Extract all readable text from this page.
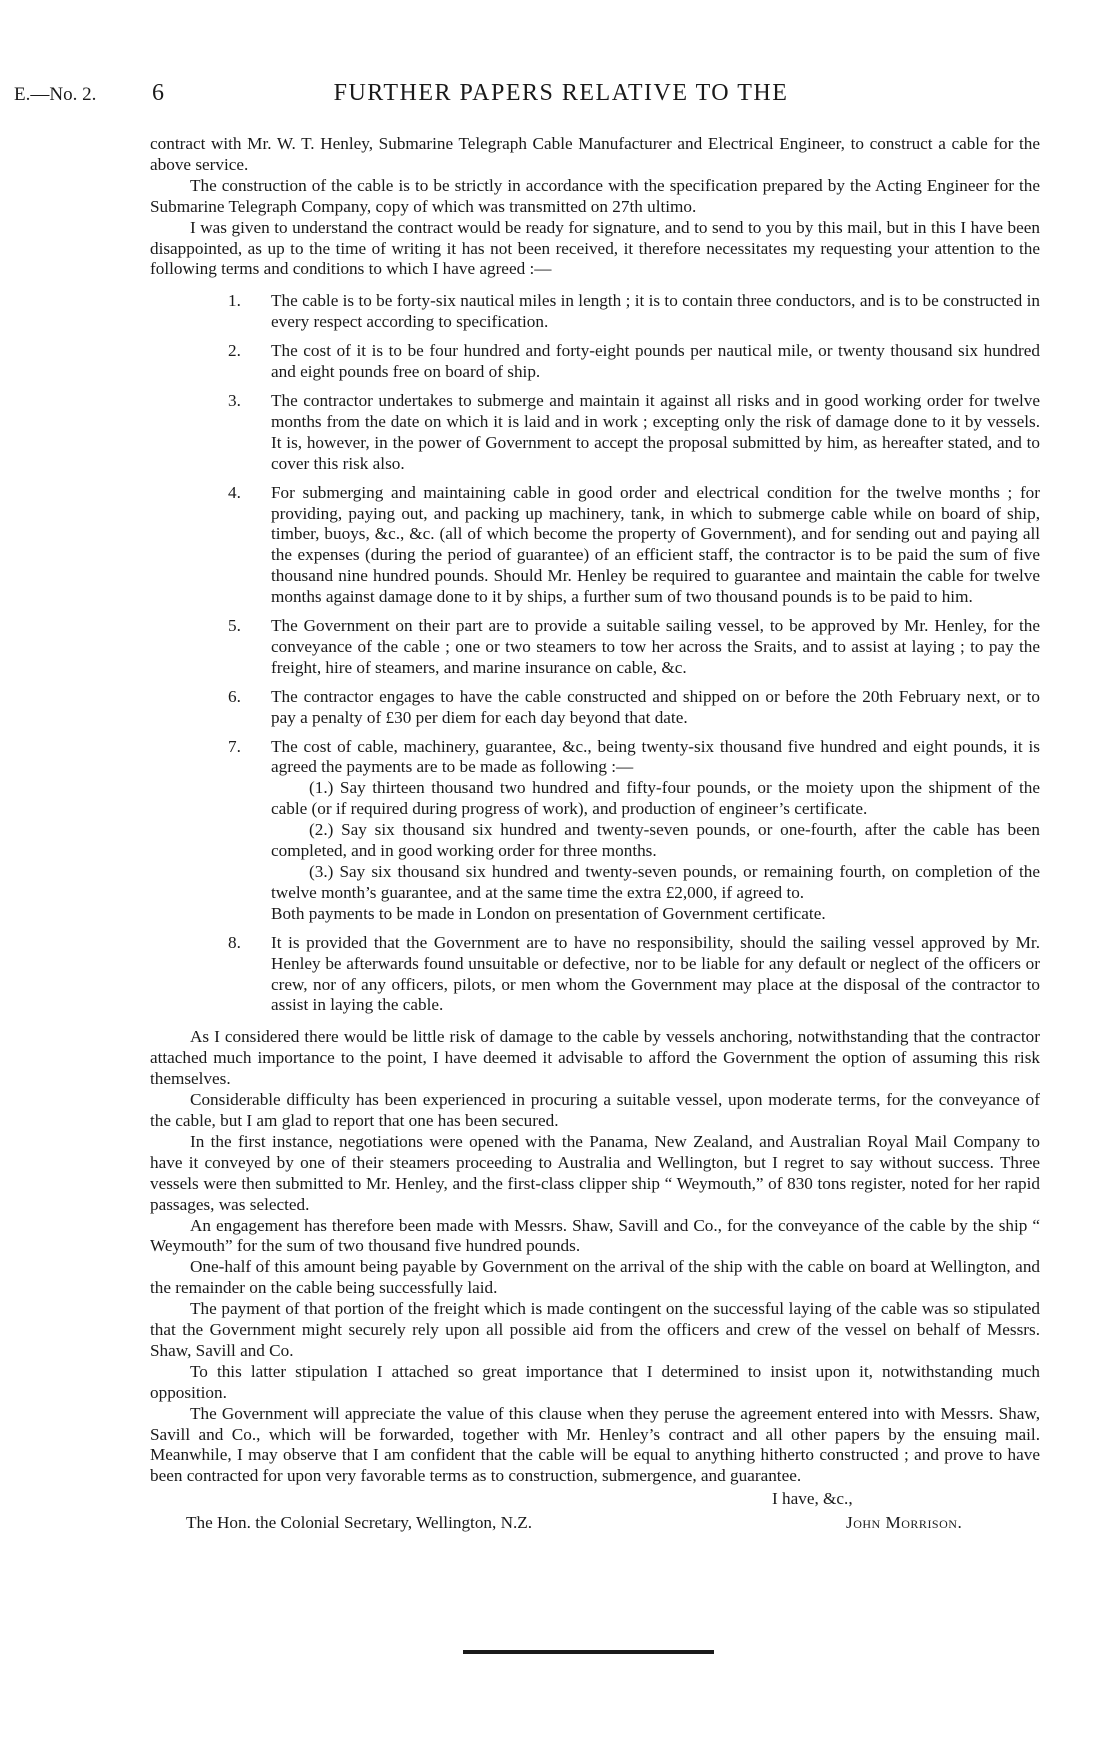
E.—No. 2. 6	FURTHER PAPERS RELATIVE TO THE

contract with Mr. W. T. Henley, Submarine Telegraph Cable Manufacturer and Electrical Engineer, to construct a cable for the above service.

The construction of the cable is to be strictly in accordance with the specification prepared by the Acting Engineer for the Submarine Telegraph Company, copy of which was transmitted on 27th ultimo.

I was given to understand the contract would be ready for signature, and to send to you by this mail, but in this I have been disappointed, as up to the time of writing it has not been received, it therefore necessitates my requesting your attention to the following terms and conditions to which I have agreed :—

1. The cable is to be forty-six nautical miles in length ; it is to contain three conductors, and is to be constructed in every respect according to specification.
2. The cost of it is to be four hundred and forty-eight pounds per nautical mile, or twenty thousand six hundred and eight pounds free on board of ship.
3. The contractor undertakes to submerge and maintain it against all risks and in good working order for twelve months from the date on which it is laid and in work ; excepting only the risk of damage done to it by vessels. It is, however, in the power of Government to accept the proposal submitted by him, as hereafter stated, and to cover this risk also.
4. For submerging and maintaining cable in good order and electrical condition for the twelve months ; for providing, paying out, and packing up machinery, tank, in which to submerge cable while on board of ship, timber, buoys, &c., &c. (all of which become the property of Government), and for sending out and paying all the expenses (during the period of guarantee) of an efficient staff, the contractor is to be paid the sum of five thousand nine hundred pounds. Should Mr. Henley be required to guarantee and maintain the cable for twelve months against damage done to it by ships, a further sum of two thousand pounds is to be paid to him.
5. The Government on their part are to provide a suitable sailing vessel, to be approved by Mr. Henley, for the conveyance of the cable ; one or two steamers to tow her across the Sraits, and to assist at laying ; to pay the freight, hire of steamers, and marine insurance on cable, &c.
6. The contractor engages to have the cable constructed and shipped on or before the 20th February next, or to pay a penalty of £30 per diem for each day beyond that date.
7. The cost of cable, machinery, guarantee, &c., being twenty-six thousand five hundred and eight pounds, it is agreed the payments are to be made as following :—
(1.) Say thirteen thousand two hundred and fifty-four pounds, or the moiety upon the shipment of the cable (or if required during progress of work), and production of engineer’s certificate.
(2.) Say six thousand six hundred and twenty-seven pounds, or one-fourth, after the cable has been completed, and in good working order for three months.
(3.) Say six thousand six hundred and twenty-seven pounds, or remaining fourth, on completion of the twelve month’s guarantee, and at the same time the extra £2,000, if agreed to.
Both payments to be made in London on presentation of Government certificate.
8. It is provided that the Government are to have no responsibility, should the sailing vessel approved by Mr. Henley be afterwards found unsuitable or defective, nor to be liable for any default or neglect of the officers or crew, nor of any officers, pilots, or men whom the Government may place at the disposal of the contractor to assist in laying the cable.

As I considered there would be little risk of damage to the cable by vessels anchoring, notwithstanding that the contractor attached much importance to the point, I have deemed it advisable to afford the Government the option of assuming this risk themselves.

Considerable difficulty has been experienced in procuring a suitable vessel, upon moderate terms, for the conveyance of the cable, but I am glad to report that one has been secured.

In the first instance, negotiations were opened with the Panama, New Zealand, and Australian Royal Mail Company to have it conveyed by one of their steamers proceeding to Australia and Wellington, but I regret to say without success. Three vessels were then submitted to Mr. Henley, and the first-class clipper ship “ Weymouth,” of 830 tons register, noted for her rapid passages, was selected.

An engagement has therefore been made with Messrs. Shaw, Savill and Co., for the conveyance of the cable by the ship “ Weymouth” for the sum of two thousand five hundred pounds.

One-half of this amount being payable by Government on the arrival of the ship with the cable on board at Wellington, and the remainder on the cable being successfully laid.

The payment of that portion of the freight which is made contingent on the successful laying of the cable was so stipulated that the Government might securely rely upon all possible aid from the officers and crew of the vessel on behalf of Messrs. Shaw, Savill and Co.

To this latter stipulation I attached so great importance that I determined to insist upon it, notwithstanding much opposition.

The Government will appreciate the value of this clause when they peruse the agreement entered into with Messrs. Shaw, Savill and Co., which will be forwarded, together with Mr. Henley’s contract and all other papers by the ensuing mail. Meanwhile, I may observe that I am confident that the cable will be equal to anything hitherto constructed ; and prove to have been contracted for upon very favorable terms as to construction, submergence, and guarantee.

I have, &c.,
The Hon. the Colonial Secretary, Wellington, N.Z.	John Morrison.
